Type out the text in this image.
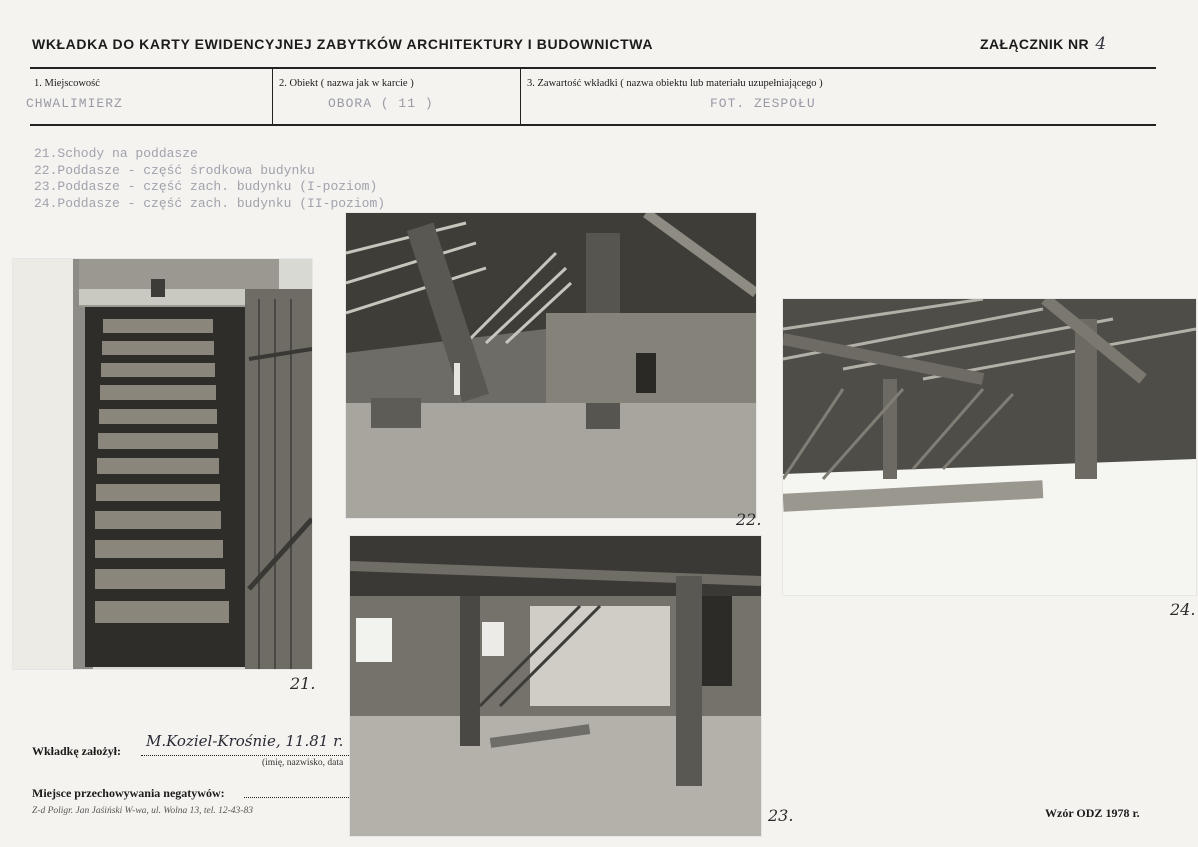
WKŁADKA DO KARTY EWIDENCYJNEJ ZABYTKÓW ARCHITEKTURY I BUDOWNICTWA	ZAŁĄCZNIK NR 4
1. Miejscowość
CHWALIMIERZ
2. Obiekt ( nazwa jak w karcie )
OBORA ( 11 )
3. Zawartość wkładki ( nazwa obiektu lub materiału uzupełniającego )
FOT. ZESPOŁU
21.Schody na poddasze
22.Poddasze - część środkowa budynku
23.Poddasze - część zach. budynku (I-poziom)
24.Poddasze - część zach. budynku (II-poziom)
21.
22.
24.
23.
Wkładkę założył:
M.Koziel-Krośnie, 11.81 r.
(imię, nazwisko, data
Miejsce przechowywania negatywów:
Z-d Poligr. Jan Jaśiński W-wa, ul. Wolna 13, tel. 12-43-83	Wzór ODZ 1978 r.
